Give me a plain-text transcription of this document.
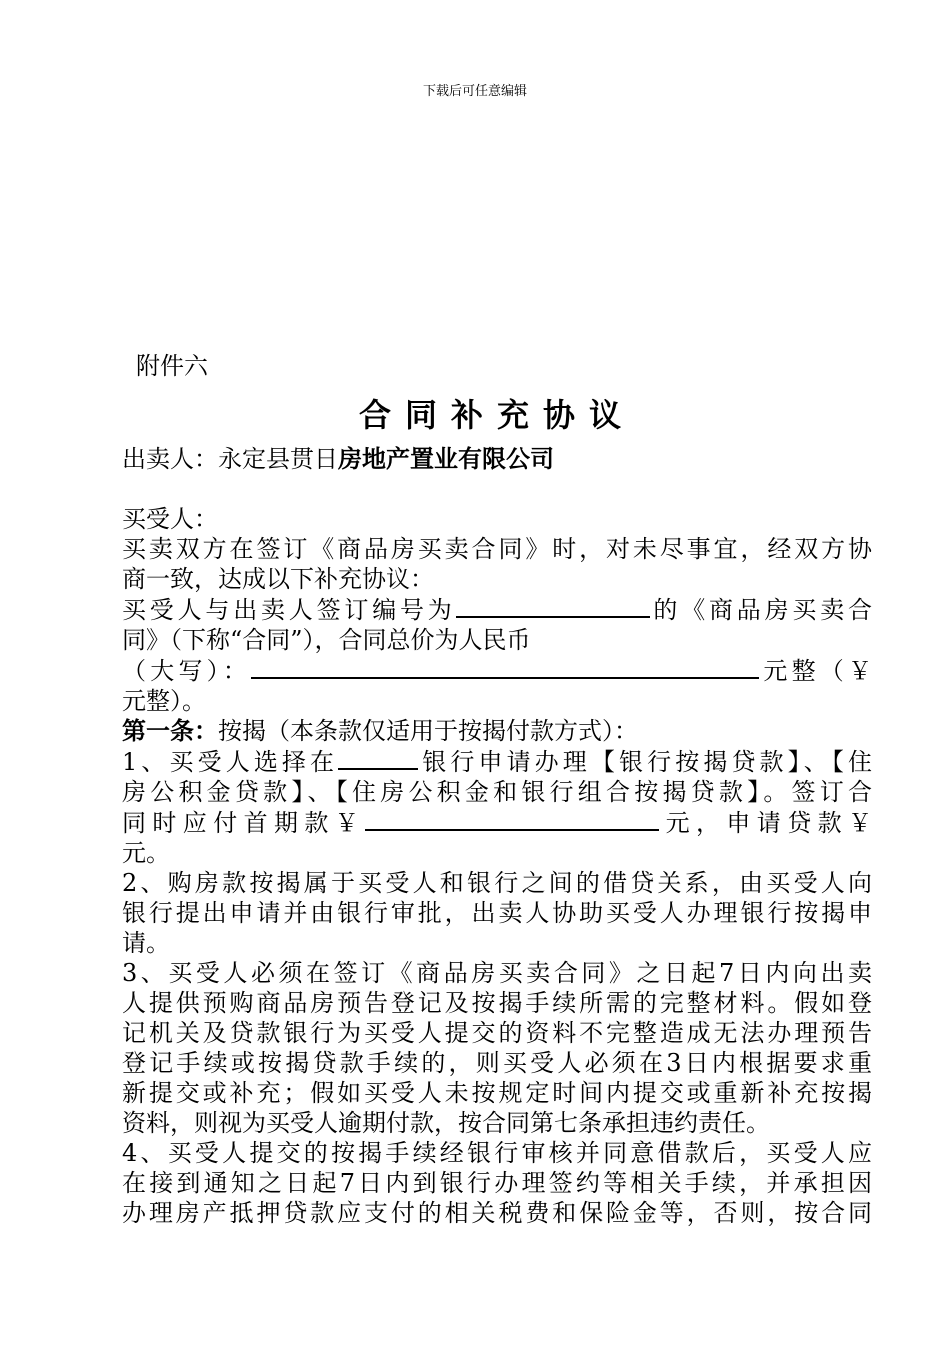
下载后可任意编辑
附件六
合同补充协议
出卖人：永定县贯日房地产置业有限公司
买受人：
买卖双方在签订《商品房买卖合同》时，对未尽事宜，经双方协
商一致，达成以下补充协议：
买受人与出卖人签订编号为	的《商品房买卖合
同》（下称“合同”），合同总价为人民币
（大写）：	元整（￥
元整）。
第一条：按揭（本条款仅适用于按揭付款方式）：
1、买受人选择在	银行申请办理【银行按揭贷款】、【住
房公积金贷款】、【住房公积金和银行组合按揭贷款】。签订合
同时应付首期款￥	元，申请贷款￥
元。
2、购房款按揭属于买受人和银行之间的借贷关系，由买受人向
银行提出申请并由银行审批，出卖人协助买受人办理银行按揭申
请。
3、买受人必须在签订《商品房买卖合同》之日起7日内向出卖
人提供预购商品房预告登记及按揭手续所需的完整材料。假如登
记机关及贷款银行为买受人提交的资料不完整造成无法办理预告
登记手续或按揭贷款手续的，则买受人必须在3日内根据要求重
新提交或补充；假如买受人未按规定时间内提交或重新补充按揭
资料，则视为买受人逾期付款，按合同第七条承担违约责任。
4、买受人提交的按揭手续经银行审核并同意借款后，买受人应
在接到通知之日起7日内到银行办理签约等相关手续，并承担因
办理房产抵押贷款应支付的相关税费和保险金等，否则，按合同
